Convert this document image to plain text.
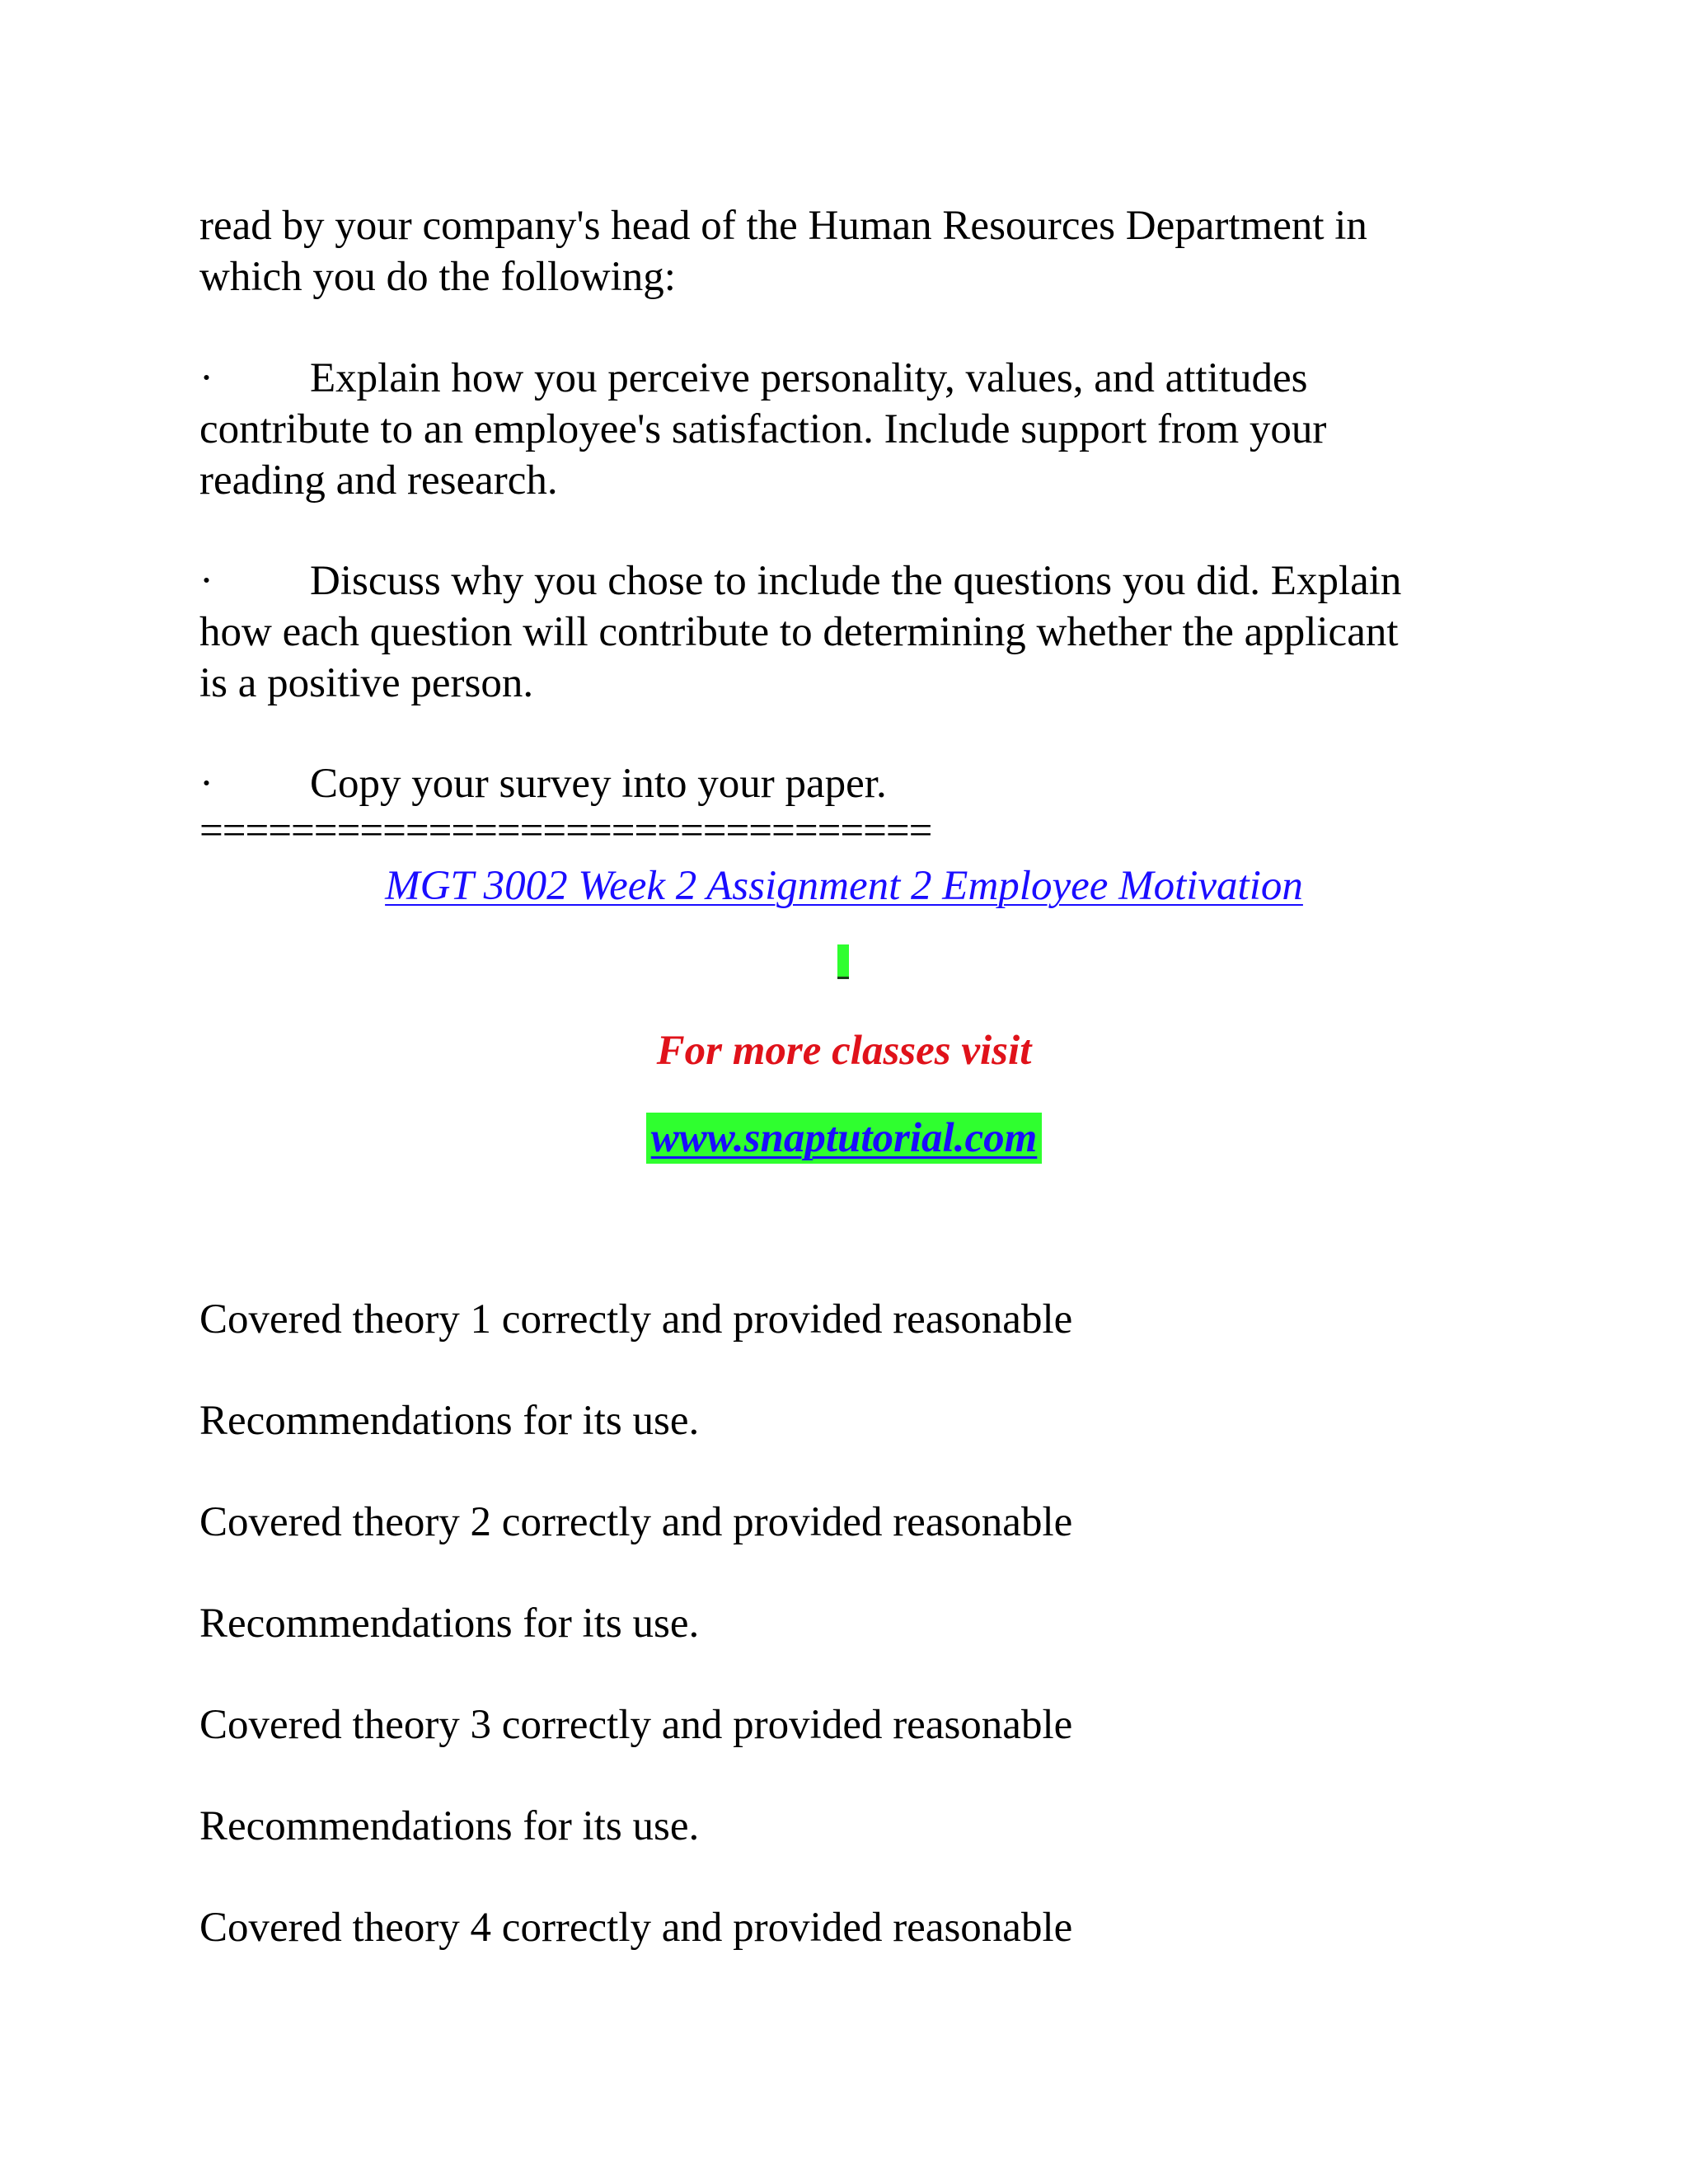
read by your company's head of the Human Resources Department in
which you do the following:
· Explain how you perceive personality, values, and attitudes
contribute to an employee's satisfaction. Include support from your
reading and research.
· Discuss why you chose to include the questions you did. Explain
how each question will contribute to determining whether the applicant
is a positive person.
· Copy your survey into your paper.
================================
MGT 3002 Week 2 Assignment 2 Employee Motivation
For more classes visit
www.snaptutorial.com
Covered theory 1 correctly and provided reasonable
Recommendations for its use.
Covered theory 2 correctly and provided reasonable
Recommendations for its use.
Covered theory 3 correctly and provided reasonable
Recommendations for its use.
Covered theory 4 correctly and provided reasonable
